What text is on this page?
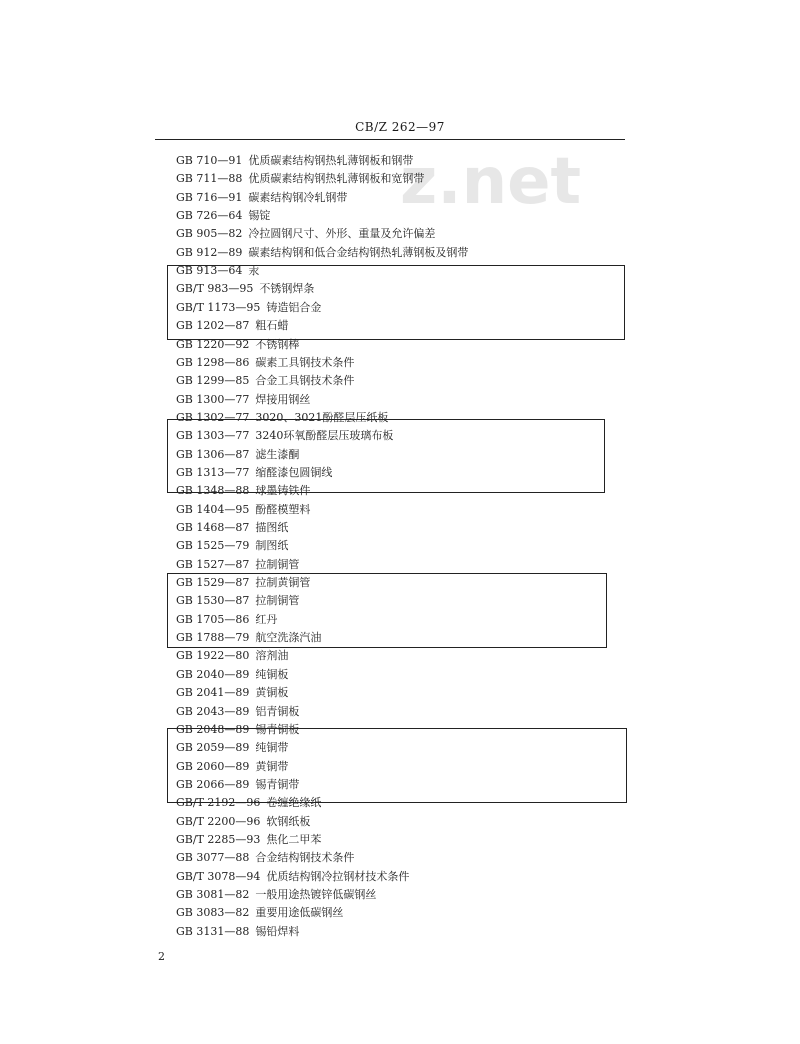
CB/Z 262—97
z.net
GB 710—91 优质碳素结构钢热轧薄钢板和钢带
GB 711—88 优质碳素结构钢热轧薄钢板和宽钢带
GB 716—91 碳素结构钢冷轧钢带
GB 726—64 锡锭
GB 905—82 冷拉圆钢尺寸、外形、重量及允许偏差
GB 912—89 碳素结构钢和低合金结构钢热轧薄钢板及钢带
GB 913—64 汞
GB/T 983—95 不锈钢焊条
GB/T 1173—95 铸造铝合金
GB 1202—87 粗石蜡
GB 1220—92 不锈钢棒
GB 1298—86 碳素工具钢技术条件
GB 1299—85 合金工具钢技术条件
GB 1300—77 焊接用钢丝
GB 1302—77 3020、3021酚醛层压纸板
GB 1303—77 3240环氧酚醛层压玻璃布板
GB 1306—87 滤生漆酮
GB 1313—77 缩醛漆包圆铜线
GB 1348—88 球墨铸铁件
GB 1404—95 酚醛模塑料
GB 1468—87 描图纸
GB 1525—79 制图纸
GB 1527—87 拉制铜管
GB 1529—87 拉制黄铜管
GB 1530—87 拉制铜管
GB 1705—86 红丹
GB 1788—79 航空洗涤汽油
GB 1922—80 溶剂油
GB 2040—89 纯铜板
GB 2041—89 黄铜板
GB 2043—89 铝青铜板
GB 2048—89 锡青铜板
GB 2059—89 纯铜带
GB 2060—89 黄铜带
GB 2066—89 锡青铜带
GB/T 2192—96 卷缠绝缘纸
GB/T 2200—96 软钢纸板
GB/T 2285—93 焦化二甲苯
GB 3077—88 合金结构钢技术条件
GB/T 3078—94 优质结构钢冷拉钢材技术条件
GB 3081—82 一般用途热镀锌低碳钢丝
GB 3083—82 重要用途低碳钢丝
GB 3131—88 锡铅焊料
2
